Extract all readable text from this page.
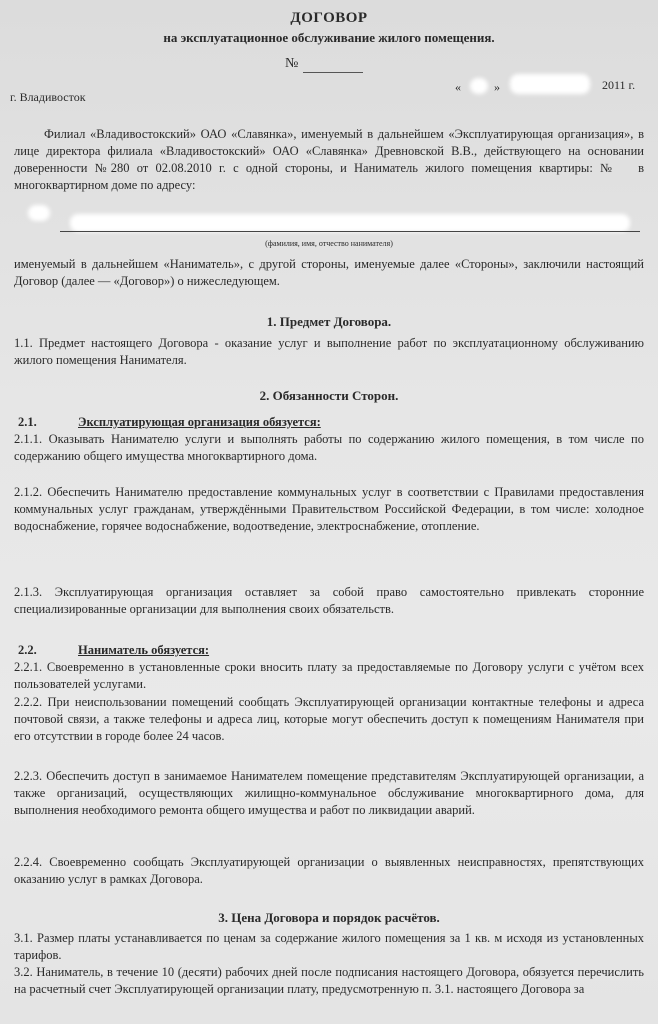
ДОГОВОР
на эксплуатационное обслуживание жилого помещения.
№
г. Владивосток
«	»	2011 г.

Филиал «Владивостокский» ОАО «Славянка», именуемый в дальнейшем «Эксплуатирующая организация», в лице директора филиала «Владивостокский» ОАО «Славянка» Древновской В.В., действующего на основании доверенности №280 от 02.08.2010 г. с одной стороны, и Наниматель жилого помещения квартиры: № в многоквартирном доме по адресу:

(фамилия, имя, отчество нанимателя)
именуемый в дальнейшем «Наниматель», с другой стороны, именуемые далее «Стороны», заключили настоящий Договор (далее — «Договор») о нижеследующем.
1. Предмет Договора.
1.1. Предмет настоящего Договора - оказание услуг и выполнение работ по эксплуатационному обслуживанию жилого помещения Нанимателя.
2. Обязанности Сторон.
2.1.	Эксплуатирующая организация обязуется:
2.1.1. Оказывать Нанимателю услуги и выполнять работы по содержанию жилого помещения, в том числе по содержанию общего имущества многоквартирного дома.
2.1.2. Обеспечить Нанимателю предоставление коммунальных услуг в соответствии с Правилами предоставления коммунальных услуг гражданам, утверждёнными Правительством Российской Федерации, в том числе: холодное водоснабжение, горячее водоснабжение, водоотведение, электроснабжение, отопление.
2.1.3. Эксплуатирующая организация оставляет за собой право самостоятельно привлекать сторонние специализированные организации для выполнения своих обязательств.
2.2.	Наниматель обязуется:
2.2.1. Своевременно в установленные сроки вносить плату за предоставляемые по Договору услуги с учётом всех пользователей услугами.
2.2.2. При неиспользовании помещений сообщать Эксплуатирующей организации контактные телефоны и адреса почтовой связи, а также телефоны и адреса лиц, которые могут обеспечить доступ к помещениям Нанимателя при его отсутствии в городе более 24 часов.
2.2.3. Обеспечить доступ в занимаемое Нанимателем помещение представителям Эксплуатирующей организации, а также организаций, осуществляющих жилищно-коммунальное обслуживание многоквартирного дома, для выполнения необходимого ремонта общего имущества и работ по ликвидации аварий.
2.2.4. Своевременно сообщать Эксплуатирующей организации о выявленных неисправностях, препятствующих оказанию услуг в рамках Договора.
3. Цена Договора и порядок расчётов.
3.1. Размер платы устанавливается по ценам за содержание жилого помещения за 1 кв. м исходя из установленных тарифов.
3.2. Наниматель, в течение 10 (десяти) рабочих дней после подписания настоящего Договора, обязуется перечислить на расчетный счет Эксплуатирующей организации плату, предусмотренную п. 3.1. настоящего Договора за
